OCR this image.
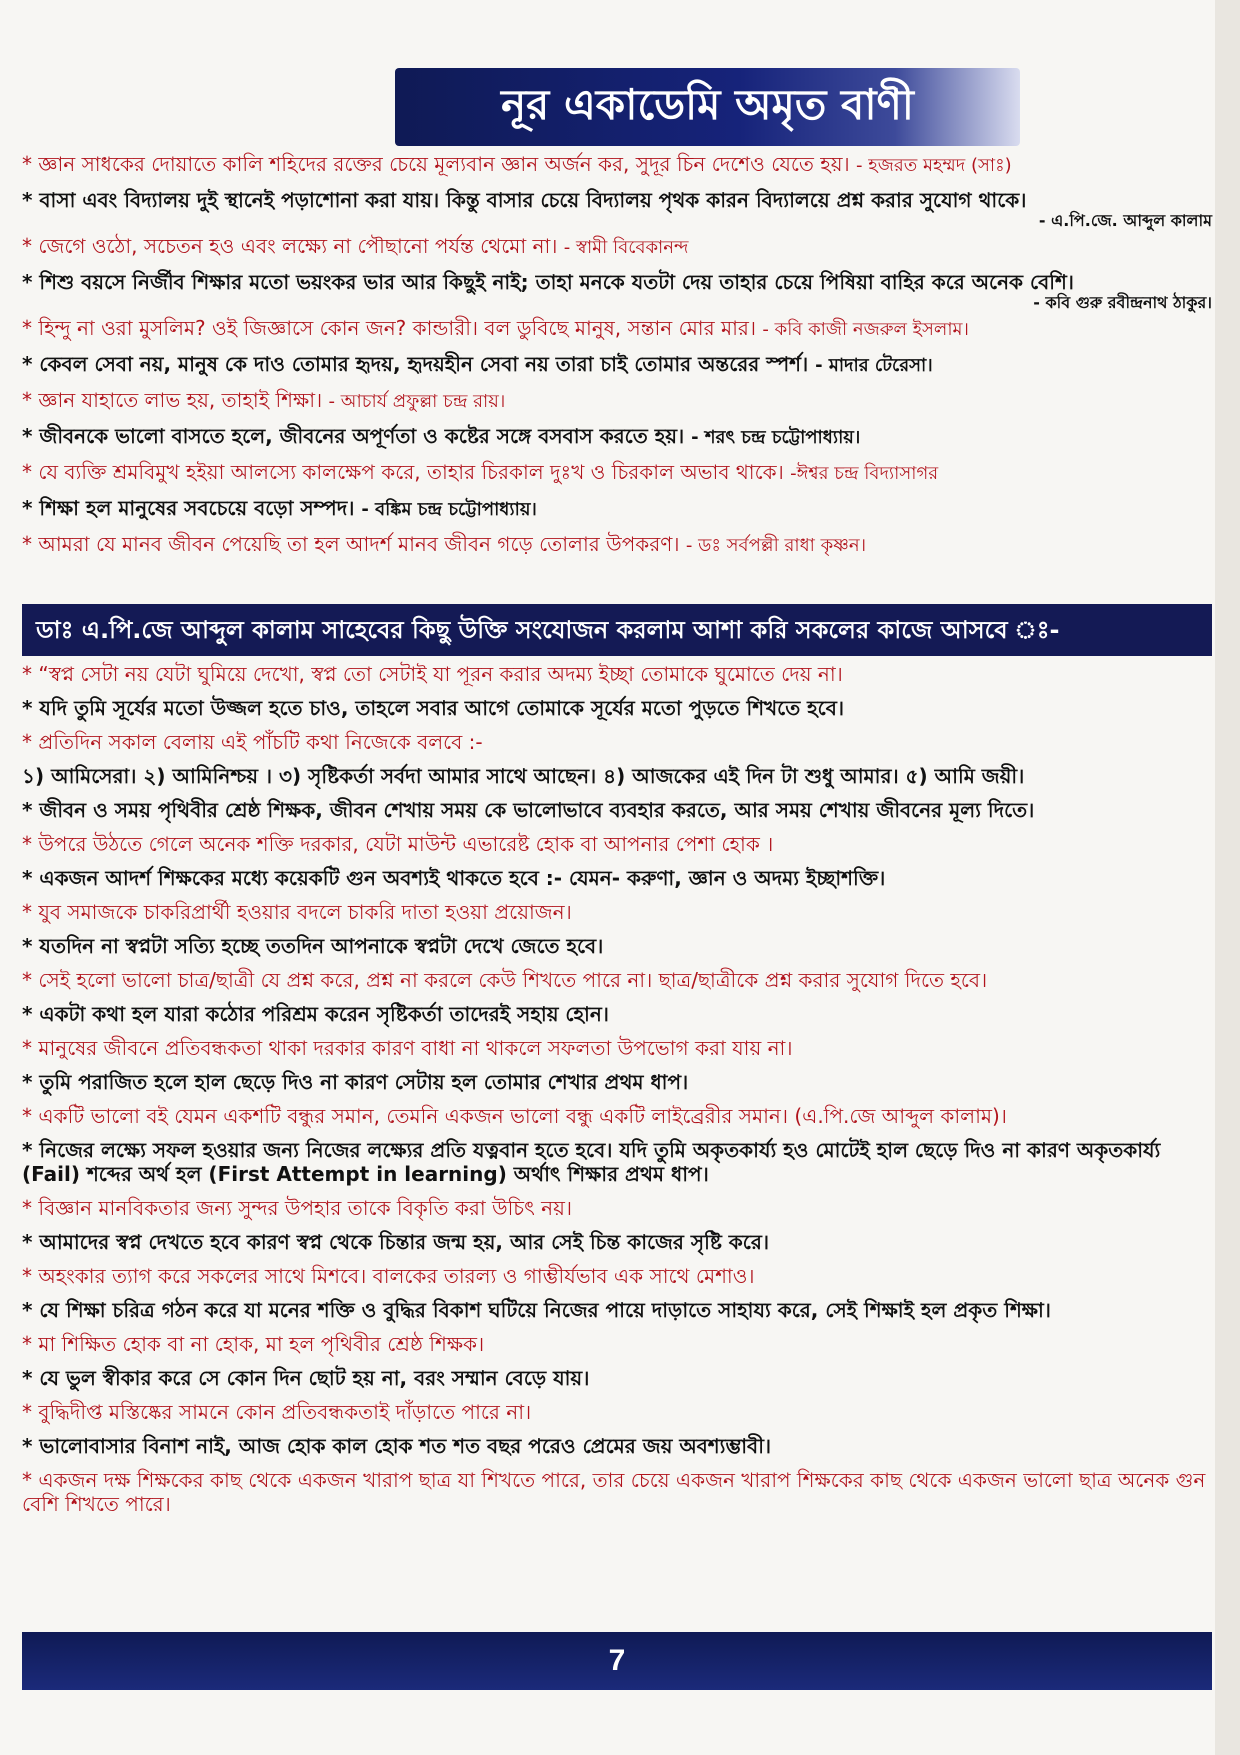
নূর একাডেমি অমৃত বাণী

* জ্ঞান সাধকের দোয়াতে কালি শহিদের রক্তের চেয়ে মূল্যবান জ্ঞান অর্জন কর, সুদূর চিন দেশেও যেতে হয়। - হজরত মহম্মদ (সাঃ)

* বাসা এবং বিদ্যালয় দুই স্থানেই পড়াশোনা করা যায়। কিন্তু বাসার চেয়ে বিদ্যালয় পৃথক কারন বিদ্যালয়ে প্রশ্ন করার সুযোগ থাকে।

- এ.পি.জে. আব্দুল কালাম

* জেগে ওঠো, সচেতন হও এবং লক্ষ্যে না পৌছানো পর্যন্ত থেমো না। - স্বামী বিবেকানন্দ

* শিশু বয়সে নির্জীব শিক্ষার মতো ভয়ংকর ভার আর কিছুই নাই; তাহা মনকে যতটা দেয় তাহার চেয়ে পিষিয়া বাহির করে অনেক বেশি।

- কবি গুরু রবীন্দ্রনাথ ঠাকুর।

* হিন্দু না ওরা মুসলিম? ওই জিজ্ঞাসে কোন জন? কান্ডারী। বল ডুবিছে মানুষ, সন্তান মোর মার। - কবি কাজী নজরুল ইসলাম।

* কেবল সেবা নয়, মানুষ কে দাও তোমার হৃদয়, হৃদয়হীন সেবা নয় তারা চাই তোমার অন্তরের স্পর্শ। - মাদার টেরেসা।

* জ্ঞান যাহাতে লাভ হয়, তাহাই শিক্ষা। - আচার্য প্রফুল্লা চন্দ্র রায়।

* জীবনকে ভালো বাসতে হলে, জীবনের অপূর্ণতা ও কষ্টের সঙ্গে বসবাস করতে হয়। - শরৎ চন্দ্র চট্টোপাধ্যায়।

* যে ব্যক্তি শ্রমবিমুখ হইয়া আলস্যে কালক্ষেপ করে, তাহার চিরকাল দুঃখ ও চিরকাল অভাব থাকে। -ঈশ্বর চন্দ্র বিদ্যাসাগর

* শিক্ষা হল মানুষের সবচেয়ে বড়ো সম্পদ। - বঙ্কিম চন্দ্র চট্টোপাধ্যায়।

* আমরা যে মানব জীবন পেয়েছি তা হল আদর্শ মানব জীবন গড়ে তোলার উপকরণ। - ডঃ সর্বপল্লী রাধা কৃষ্ণন।

ডাঃ এ.পি.জে আব্দুল কালাম সাহেবের কিছু উক্তি সংযোজন করলাম আশা করি সকলের কাজে আসবে ঃ-

* “স্বপ্ন সেটা নয় যেটা ঘুমিয়ে দেখো, স্বপ্ন তো সেটাই যা পূরন করার অদম্য ইচ্ছা তোমাকে ঘুমোতে দেয় না।

* যদি তুমি সূর্যের মতো উজ্জল হতে চাও, তাহলে সবার আগে তোমাকে সূর্যের মতো পুড়তে শিখতে হবে।

* প্রতিদিন সকাল বেলায় এই পাঁচটি কথা নিজেকে বলবে :-

১) আমিসেরা। ২) আমিনিশ্চয় । ৩) সৃষ্টিকর্তা সর্বদা আমার সাথে আছেন। ৪) আজকের এই দিন টা শুধু আমার। ৫) আমি জয়ী।

* জীবন ও সময় পৃথিবীর শ্রেষ্ঠ শিক্ষক, জীবন শেখায় সময় কে ভালোভাবে ব্যবহার করতে, আর সময় শেখায় জীবনের মূল্য দিতে।

* উপরে উঠতে গেলে অনেক শক্তি দরকার, যেটা মাউন্ট এভারেষ্ট হোক বা আপনার পেশা হোক ।

* একজন আদর্শ শিক্ষকের মধ্যে কয়েকটি গুন অবশ্যই থাকতে হবে :- যেমন- করুণা, জ্ঞান ও অদম্য ইচ্ছাশক্তি।

* যুব সমাজকে চাকরিপ্রার্থী হওয়ার বদলে চাকরি দাতা হওয়া প্রয়োজন।

* যতদিন না স্বপ্নটা সত্যি হচ্ছে ততদিন আপনাকে স্বপ্নটা দেখে জেতে হবে।

* সেই হলো ভালো চাত্র/ছাত্রী যে প্রশ্ন করে, প্রশ্ন না করলে কেউ শিখতে পারে না। ছাত্র/ছাত্রীকে প্রশ্ন করার সুযোগ দিতে হবে।

* একটা কথা হল যারা কঠোর পরিশ্রম করেন সৃষ্টিকর্তা তাদেরই সহায় হোন।

* মানুষের জীবনে প্রতিবন্ধকতা থাকা দরকার কারণ বাধা না থাকলে সফলতা উপভোগ করা যায় না।

* তুমি পরাজিত হলে হাল ছেড়ে দিও না কারণ সেটায় হল তোমার শেখার প্রথম ধাপ।

* একটি ভালো বই যেমন একশটি বন্ধুর সমান, তেমনি একজন ভালো বন্ধু একটি লাইব্রেরীর সমান। (এ.পি.জে আব্দুল কালাম)।

* নিজের লক্ষ্যে সফল হওয়ার জন্য নিজের লক্ষ্যের প্রতি যত্নবান হতে হবে। যদি তুমি অকৃতকার্য্য হও মোটেই হাল ছেড়ে দিও না কারণ অকৃতকার্য্য (Fail) শব্দের অর্থ হল (First Attempt in learning) অর্থাৎ শিক্ষার প্রথম ধাপ।

* বিজ্ঞান মানবিকতার জন্য সুন্দর উপহার তাকে বিকৃতি করা উচিৎ নয়।

* আমাদের স্বপ্ন দেখতে হবে কারণ স্বপ্ন থেকে চিন্তার জন্ম হয়, আর সেই চিন্ত কাজের সৃষ্টি করে।

* অহংকার ত্যাগ করে সকলের সাথে মিশবে। বালকের তারল্য ও গাম্ভীর্যভাব এক সাথে মেশাও।

* যে শিক্ষা চরিত্র গঠন করে যা মনের শক্তি ও বুদ্ধির বিকাশ ঘটিয়ে নিজের পায়ে দাড়াতে সাহায্য করে, সেই শিক্ষাই হল প্রকৃত শিক্ষা।

* মা শিক্ষিত হোক বা না হোক, মা হল পৃথিবীর শ্রেষ্ঠ শিক্ষক।

* যে ভুল স্বীকার করে সে কোন দিন ছোট হয় না, বরং সম্মান বেড়ে যায়।

* বুদ্ধিদীপ্ত মস্তিষ্কের সামনে কোন প্রতিবন্ধকতাই দাঁড়াতে পারে না।

* ভালোবাসার বিনাশ নাই, আজ হোক কাল হোক শত শত বছর পরেও প্রেমের জয় অবশ্যম্ভাবী।

* একজন দক্ষ শিক্ষকের কাছ থেকে একজন খারাপ ছাত্র যা শিখতে পারে, তার চেয়ে একজন খারাপ শিক্ষকের কাছ থেকে একজন ভালো ছাত্র অনেক গুন বেশি শিখতে পারে।

7
